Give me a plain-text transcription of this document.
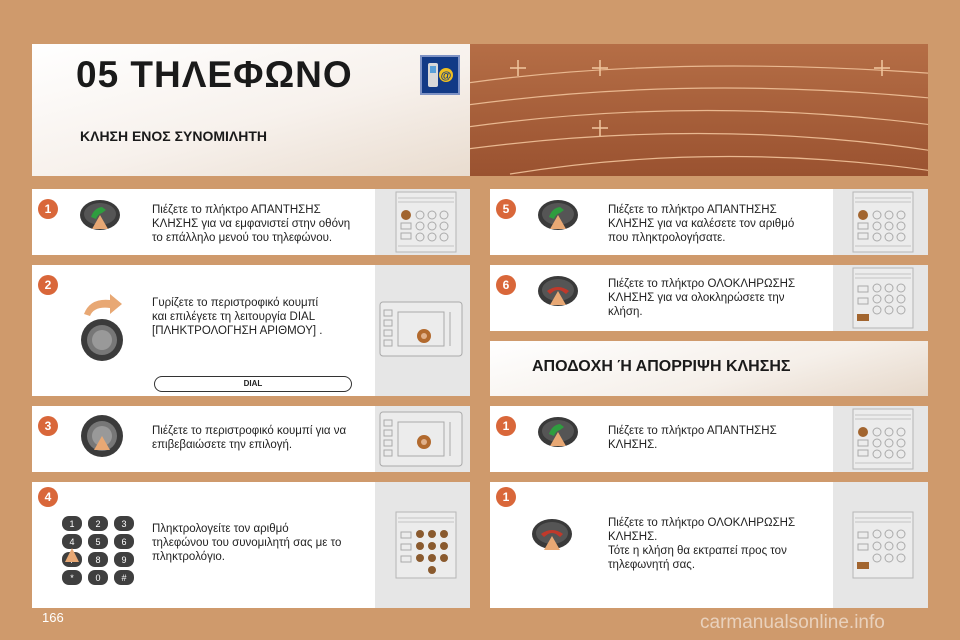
05 ΤΗΛΕΦΩΝΟ	@
ΚΛΗΣΗ ΕΝΟΣ ΣΥΝΟΜΙΛΗΤΗ
ΑΠΟΔΟΧΗ Ή ΑΠΟΡΡΙΨΗ ΚΛΗΣΗΣ
1
2
3
4
5
6
1
1
Πιέζετε το πλήκτρο ΑΠΑΝΤΗΣΗΣ
ΚΛΗΣΗΣ για να εμφανιστεί στην οθόνη
το επάλληλο μενού του τηλεφώνου.
Γυρίζετε το περιστροφικό κουμπί
και επιλέγετε τη λειτουργία DIAL
[ΠΛΗΚΤΡΟΛΟΓΗΣΗ ΑΡΙΘΜΟΥ] .
DIAL
Πιέζετε το περιστροφικό κουμπί για να
επιβεβαιώσετε την επιλογή.
Πληκτρολογείτε τον αριθμό
τηλεφώνου του συνομιλητή σας με το
πληκτρολόγιο.
Πιέζετε το πλήκτρο ΑΠΑΝΤΗΣΗΣ
ΚΛΗΣΗΣ για να καλέσετε τον αριθμό
που πληκτρολογήσατε.
Πιέζετε το πλήκτρο ΟΛΟΚΛΗΡΩΣΗΣ
ΚΛΗΣΗΣ για να ολοκληρώσετε την
κλήση.
Πιέζετε το πλήκτρο ΑΠΑΝΤΗΣΗΣ
ΚΛΗΣΗΣ.
Πιέζετε το πλήκτρο ΟΛΟΚΛΗΡΩΣΗΣ
ΚΛΗΣΗΣ.
Τότε η κλήση θα εκτραπεί προς τον
τηλεφωνητή σας.
1 2 3
4 5 6
8 9
* 0 #
166	carmanualsonline.info
